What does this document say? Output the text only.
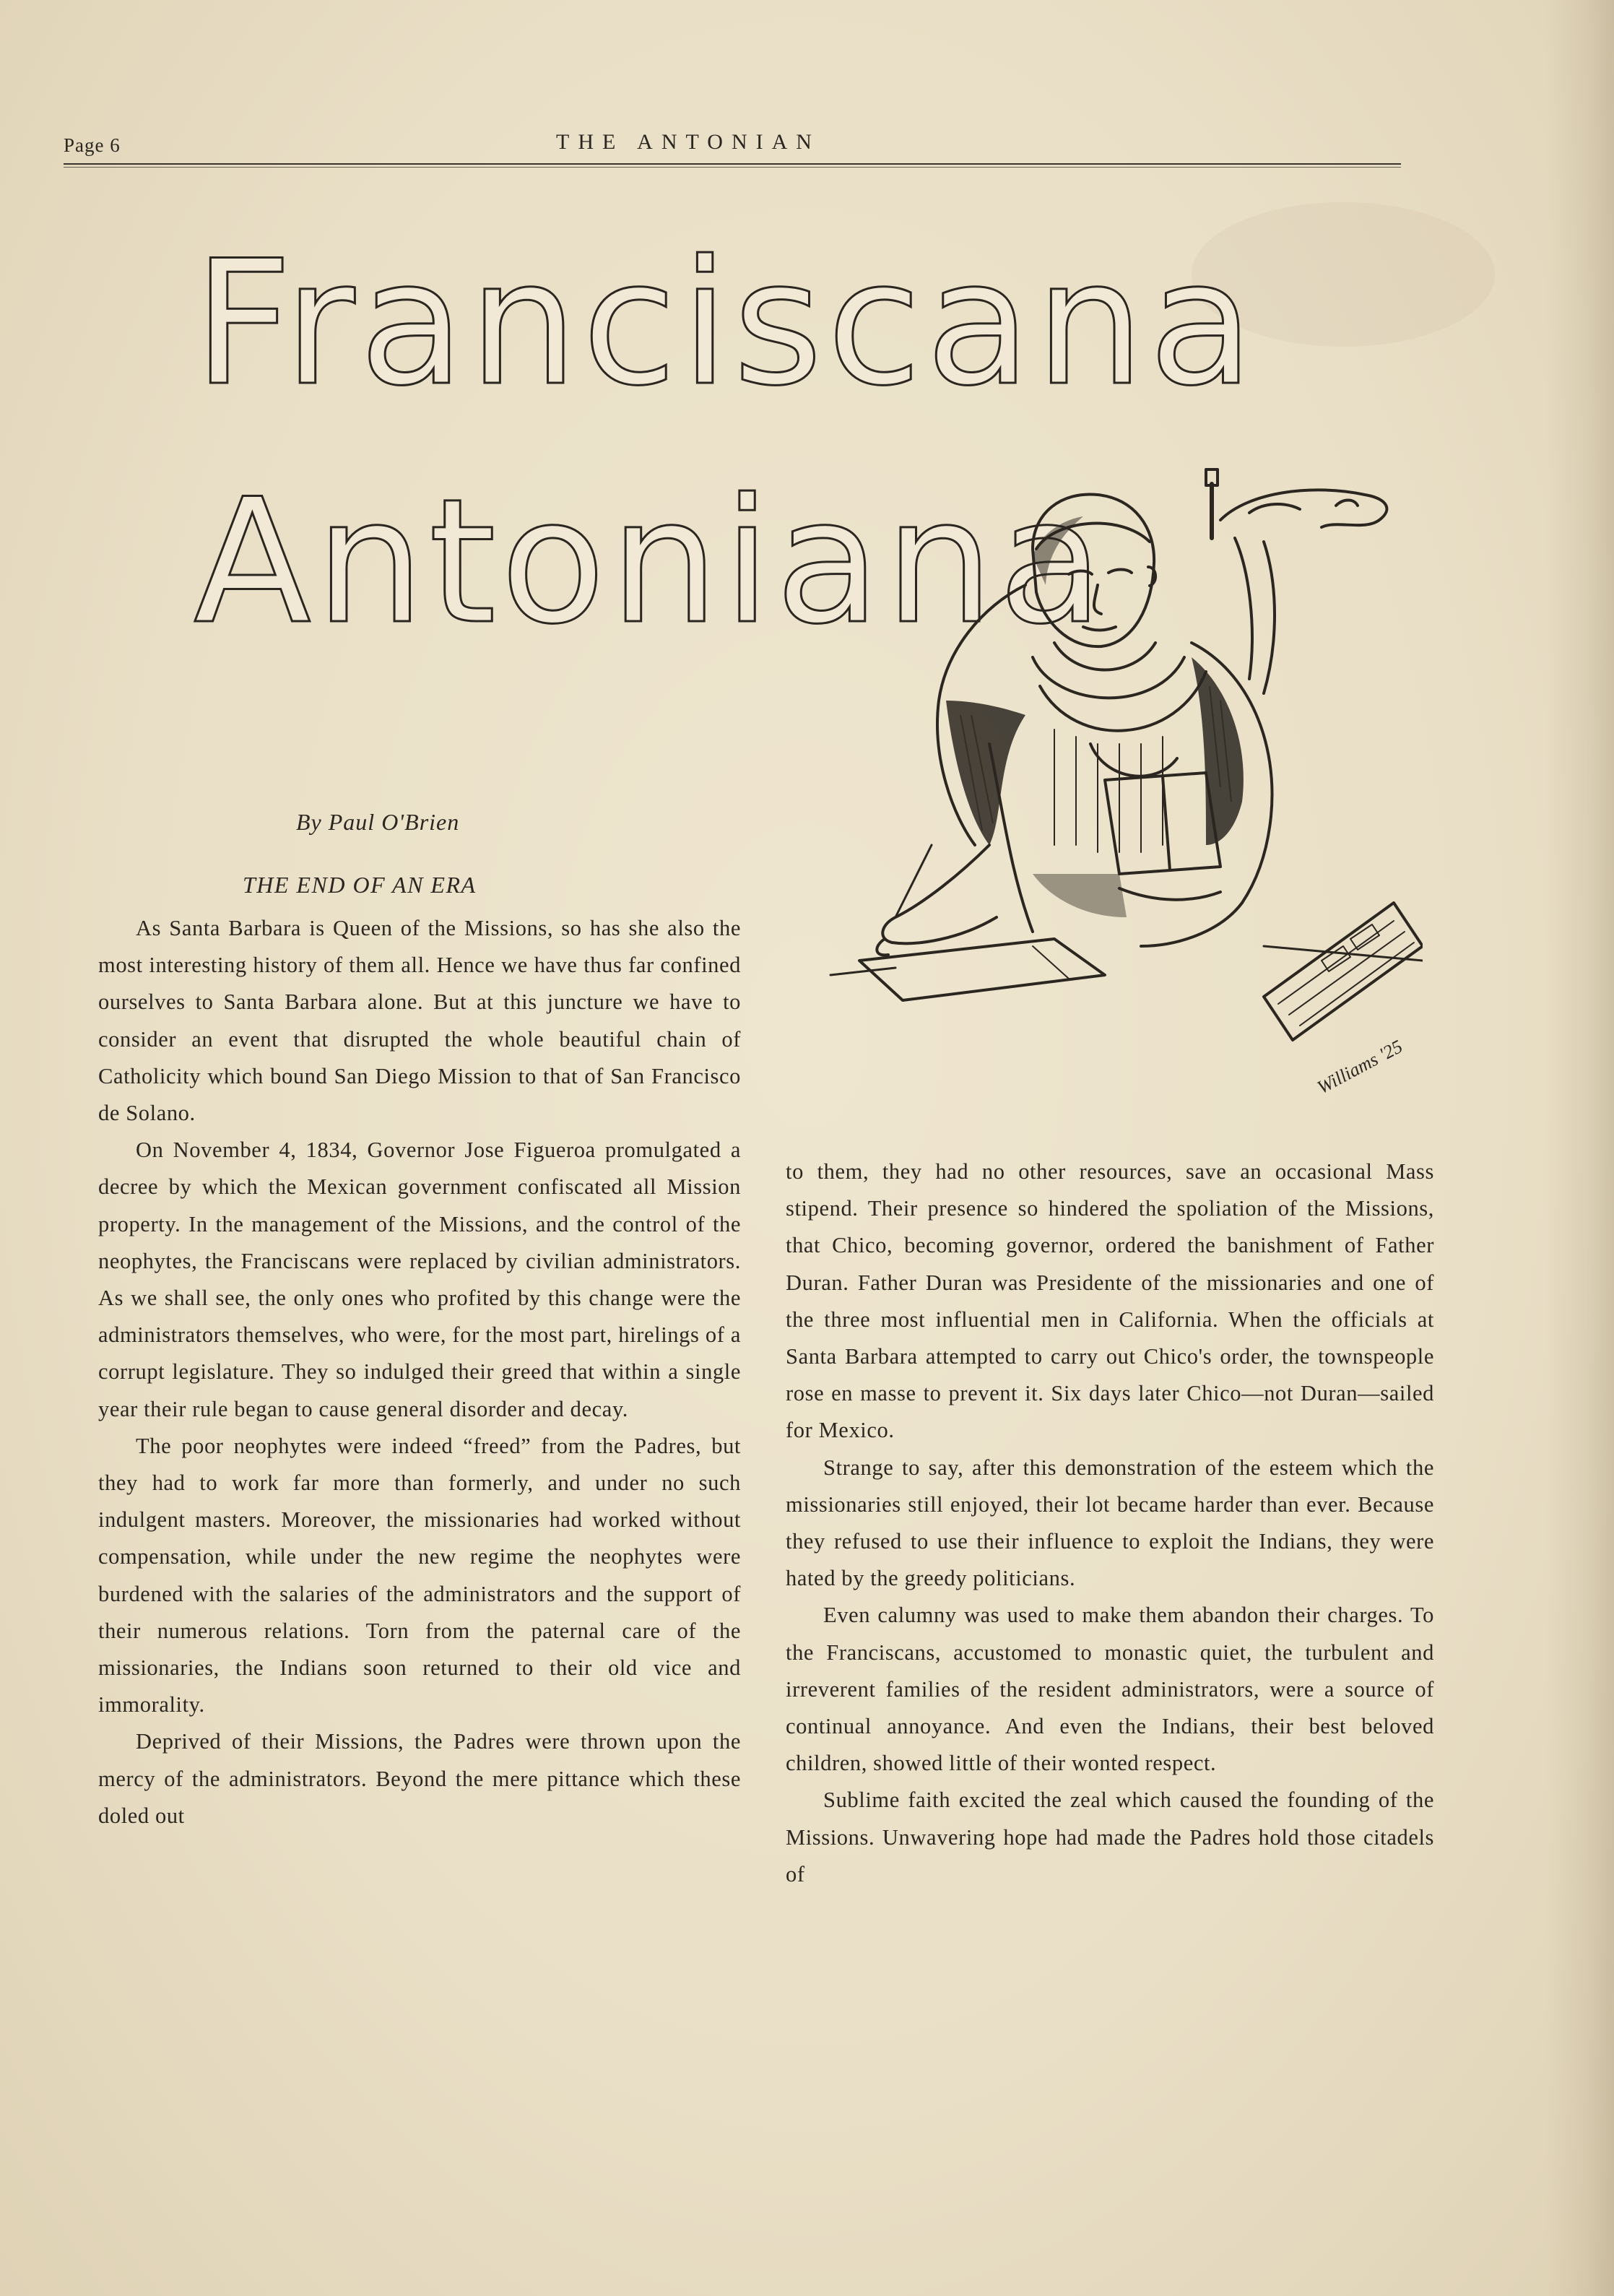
Page 6	THE ANTONIAN
Franciscana
Antoniana
Williams '25
By Paul O'Brien
THE END OF AN ERA

As Santa Barbara is Queen of the Missions, so has she also the most interesting history of them all. Hence we have thus far confined ourselves to Santa Barbara alone. But at this juncture we have to consider an event that disrupted the whole beautiful chain of Catholicity which bound San Diego Mission to that of San Francisco de Solano.

On November 4, 1834, Governor Jose Figueroa promulgated a decree by which the Mexican government confiscated all Mission property. In the management of the Missions, and the control of the neophytes, the Franciscans were replaced by civilian administrators. As we shall see, the only ones who profited by this change were the administrators themselves, who were, for the most part, hirelings of a corrupt legislature. They so indulged their greed that within a single year their rule began to cause general disorder and decay.

The poor neophytes were indeed “freed” from the Padres, but they had to work far more than formerly, and under no such indulgent masters. Moreover, the missionaries had worked without compensation, while under the new regime the neophytes were burdened with the salaries of the administrators and the support of their numerous relations. Torn from the paternal care of the missionaries, the Indians soon returned to their old vice and immorality.

Deprived of their Missions, the Padres were thrown upon the mercy of the administrators. Beyond the mere pittance which these doled out

to them, they had no other resources, save an occasional Mass stipend. Their presence so hindered the spoliation of the Missions, that Chico, becoming governor, ordered the banishment of Father Duran. Father Duran was Presidente of the missionaries and one of the three most influential men in California. When the officials at Santa Barbara attempted to carry out Chico's order, the townspeople rose en masse to prevent it. Six days later Chico—not Duran—sailed for Mexico.

Strange to say, after this demonstration of the esteem which the missionaries still enjoyed, their lot became harder than ever. Because they refused to use their influence to exploit the Indians, they were hated by the greedy politicians.

Even calumny was used to make them abandon their charges. To the Franciscans, accustomed to monastic quiet, the turbulent and irreverent families of the resident administrators, were a source of continual annoyance. And even the Indians, their best beloved children, showed little of their wonted respect.

Sublime faith excited the zeal which caused the founding of the Missions. Unwavering hope had made the Padres hold those citadels of
